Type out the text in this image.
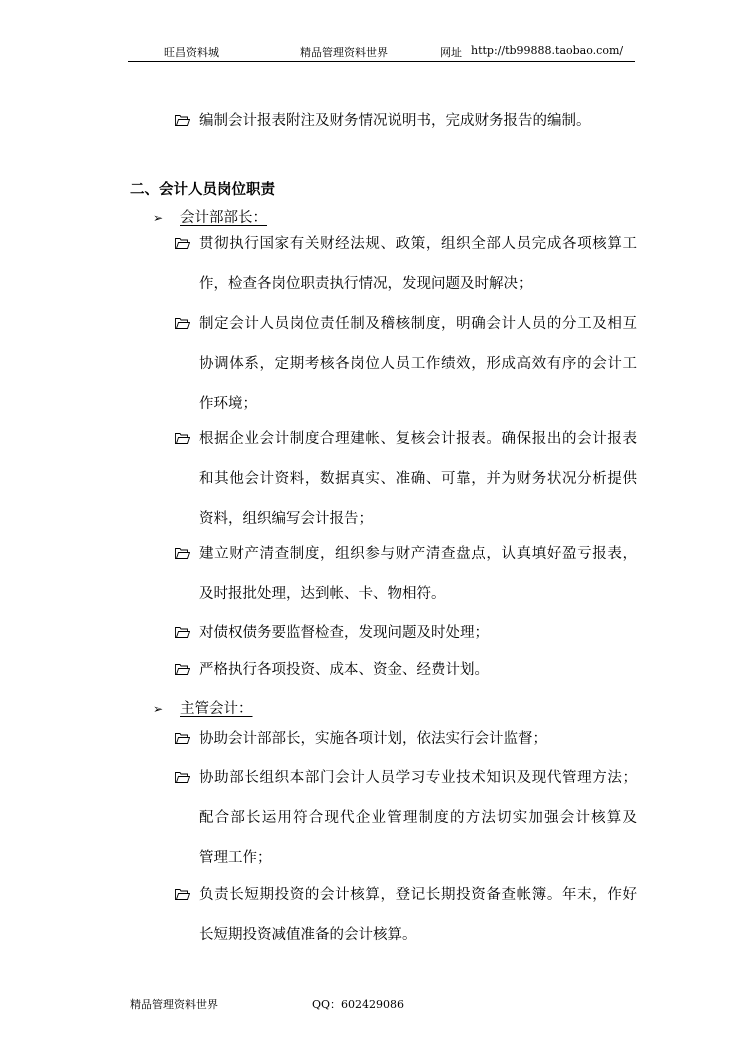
旺昌资料城	精品管理资料世界	网址 http://tb99888.taobao.com/
编制会计报表附注及财务情况说明书，完成财务报告的编制。
二、会计人员岗位职责
➢ 会计部部长：
贯彻执行国家有关财经法规、政策，组织全部人员完成各项核算工
作，检查各岗位职责执行情况，发现问题及时解决；
制定会计人员岗位责任制及稽核制度，明确会计人员的分工及相互
协调体系，定期考核各岗位人员工作绩效，形成高效有序的会计工
作环境；
根据企业会计制度合理建帐、复核会计报表。确保报出的会计报表
和其他会计资料，数据真实、准确、可靠，并为财务状况分析提供
资料，组织编写会计报告；
建立财产清查制度，组织参与财产清查盘点，认真填好盈亏报表，
及时报批处理，达到帐、卡、物相符。
对债权债务要监督检查，发现问题及时处理；
严格执行各项投资、成本、资金、经费计划。
➢ 主管会计：
协助会计部部长，实施各项计划，依法实行会计监督；
协助部长组织本部门会计人员学习专业技术知识及现代管理方法；
配合部长运用符合现代企业管理制度的方法切实加强会计核算及
管理工作；
负责长短期投资的会计核算，登记长期投资备查帐簿。年末，作好
长短期投资减值准备的会计核算。
精品管理资料世界	QQ：602429086
